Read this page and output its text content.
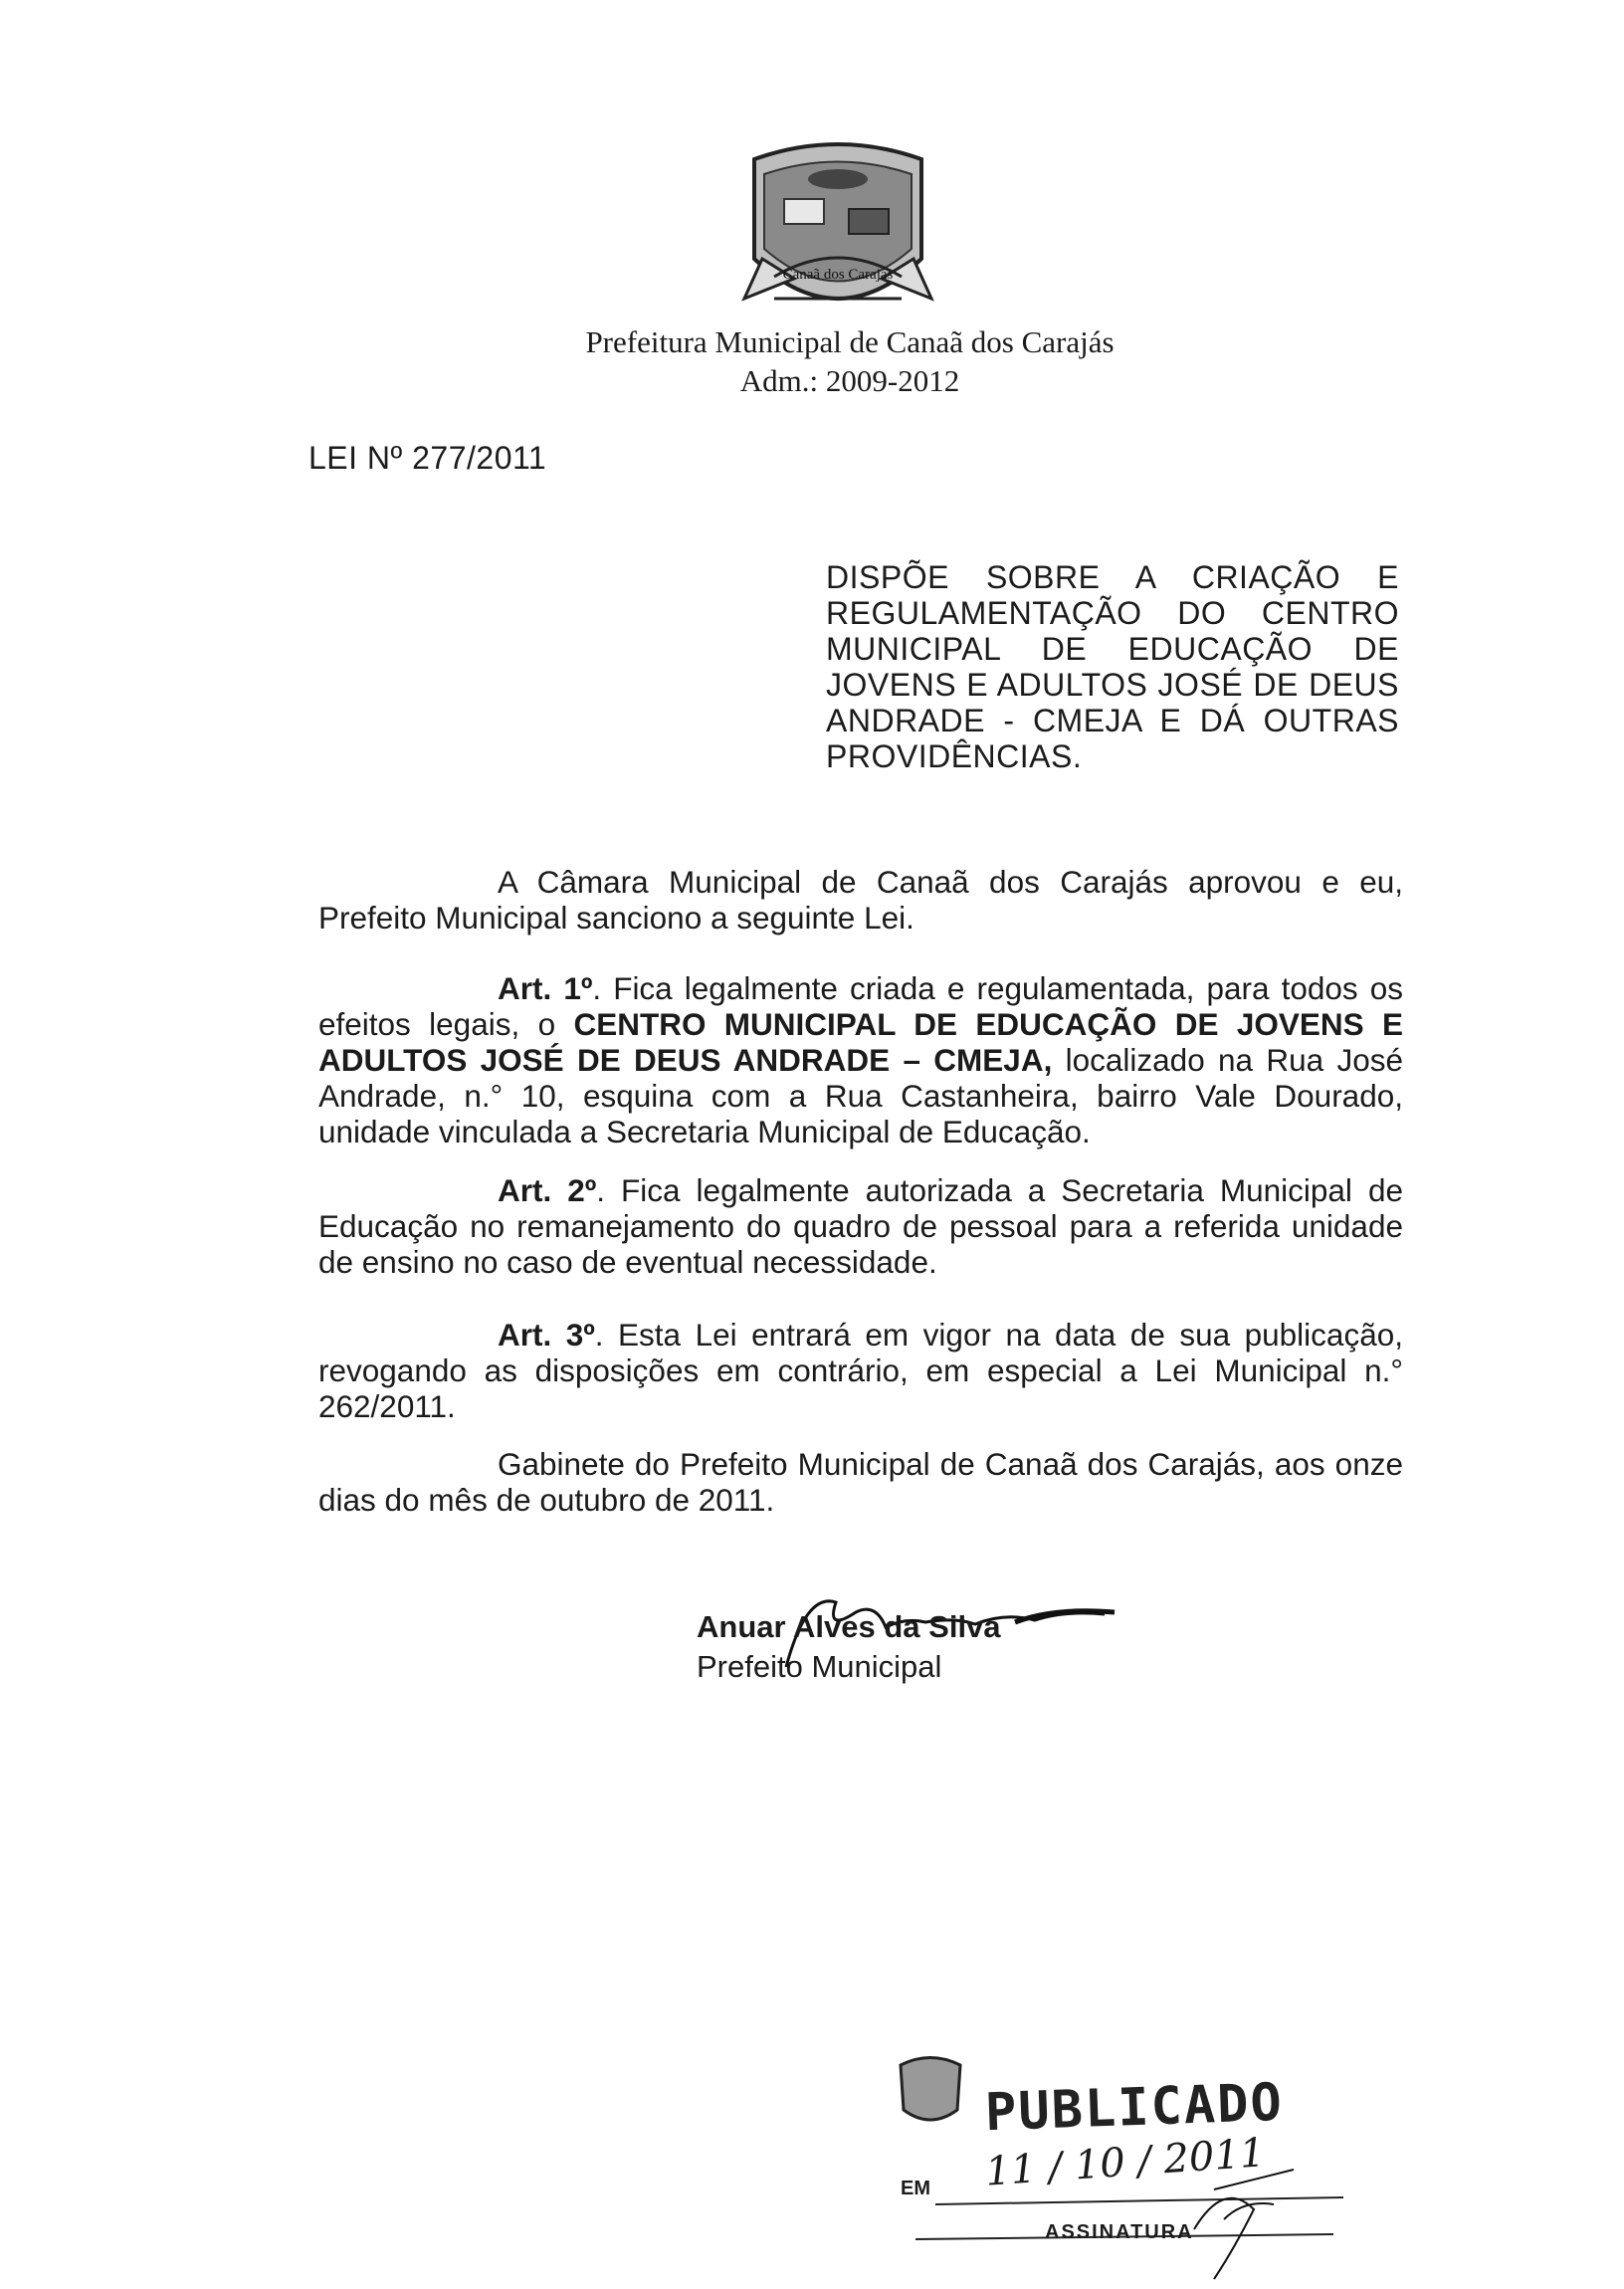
Canaã dos Carajás
Prefeitura Municipal de Canaã dos Carajás
Adm.: 2009-2012
LEI Nº 277/2011
DISPÕE SOBRE A CRIAÇÃO E
REGULAMENTAÇÃO DO CENTRO
MUNICIPAL DE EDUCAÇÃO DE
JOVENS E ADULTOS JOSÉ DE DEUS
ANDRADE - CMEJA E DÁ OUTRAS
PROVIDÊNCIAS.
A Câmara Municipal de Canaã dos Carajás aprovou e eu, Prefeito Municipal sanciono a seguinte Lei.
Art. 1º. Fica legalmente criada e regulamentada, para todos os efeitos legais, o CENTRO MUNICIPAL DE EDUCAÇÃO DE JOVENS E ADULTOS JOSÉ DE DEUS ANDRADE – CMEJA, localizado na Rua José Andrade, n.° 10, esquina com a Rua Castanheira, bairro Vale Dourado, unidade vinculada a Secretaria Municipal de Educação.
Art. 2º. Fica legalmente autorizada a Secretaria Municipal de Educação no remanejamento do quadro de pessoal para a referida unidade de ensino no caso de eventual necessidade.
Art. 3º. Esta Lei entrará em vigor na data de sua publicação, revogando as disposições em contrário, em especial a Lei Municipal n.° 262/2011.
Gabinete do Prefeito Municipal de Canaã dos Carajás, aos onze dias do mês de outubro de 2011.
Anuar Alves da Silva
Prefeito Municipal
PUBLICADO
EM 11 / 10 / 2011
ASSINATURA
